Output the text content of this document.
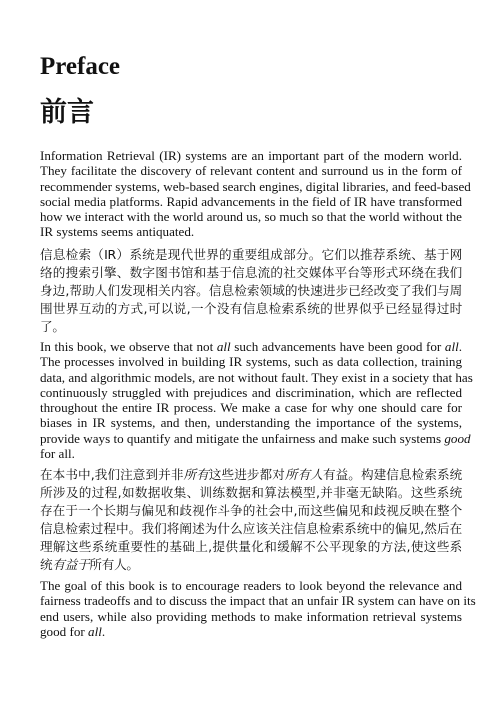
Preface
前言

Information Retrieval (IR) systems are an important part of the modern world.
They facilitate the discovery of relevant content and surround us in the form of
recommender systems, web-based search engines, digital libraries, and feed-based
social media platforms. Rapid advancements in the field of IR have transformed
how we interact with the world around us, so much so that the world without the
IR systems seems antiquated.

信息检索（IR）系统是现代世界的重要组成部分。它们以推荐系统、基于网
络的搜索引擎、数字图书馆和基于信息流的社交媒体平台等形式环绕在我们
身边,帮助人们发现相关内容。信息检索领域的快速进步已经改变了我们与周
围世界互动的方式,可以说,一个没有信息检索系统的世界似乎已经显得过时
了。

In this book, we observe that not all such advancements have been good for all.
The processes involved in building IR systems, such as data collection, training
data, and algorithmic models, are not without fault. They exist in a society that has
continuously struggled with prejudices and discrimination, which are reflected
throughout the entire IR process. We make a case for why one should care for
biases in IR systems, and then, understanding the importance of the systems,
provide ways to quantify and mitigate the unfairness and make such systems good
for all.

在本书中,我们注意到并非所有这些进步都对所有人有益。构建信息检索系统
所涉及的过程,如数据收集、训练数据和算法模型,并非毫无缺陷。这些系统
存在于一个长期与偏见和歧视作斗争的社会中,而这些偏见和歧视反映在整个
信息检索过程中。我们将阐述为什么应该关注信息检索系统中的偏见,然后在
理解这些系统重要性的基础上,提供量化和缓解不公平现象的方法,使这些系
统有益于所有人。

The goal of this book is to encourage readers to look beyond the relevance and
fairness tradeoffs and to discuss the impact that an unfair IR system can have on its
end users, while also providing methods to make information retrieval systems
good for all.
